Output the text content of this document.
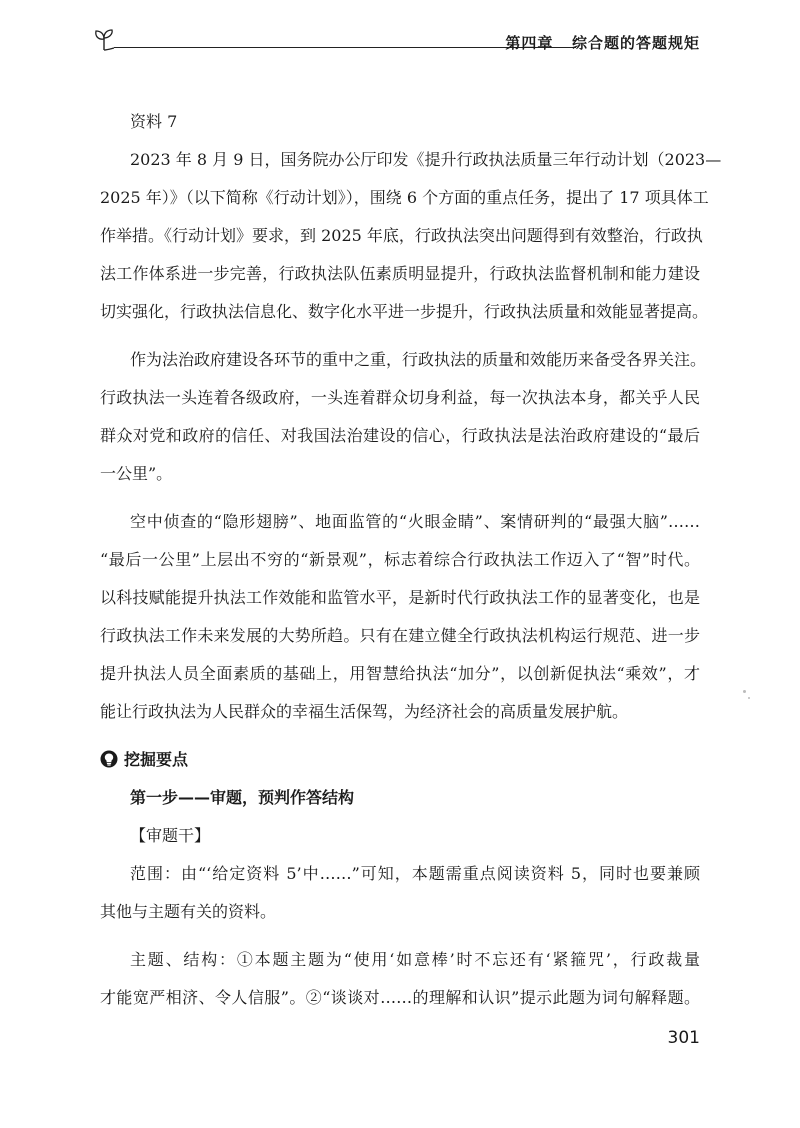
第四章   综合题的答题规矩

资料 7

2023 年 8 月 9 日，国务院办公厅印发《提升行政执法质量三年行动计划（2023—
2025 年）》（以下简称《行动计划》），围绕 6 个方面的重点任务，提出了 17 项具体工
作举措。《行动计划》要求，到 2025 年底，行政执法突出问题得到有效整治，行政执
法工作体系进一步完善，行政执法队伍素质明显提升，行政执法监督机制和能力建设
切实强化，行政执法信息化、数字化水平进一步提升，行政执法质量和效能显著提高。
作为法治政府建设各环节的重中之重，行政执法的质量和效能历来备受各界关注。
行政执法一头连着各级政府，一头连着群众切身利益，每一次执法本身，都关乎人民
群众对党和政府的信任、对我国法治建设的信心，行政执法是法治政府建设的“最后
一公里”。
空中侦查的“隐形翅膀”、地面监管的“火眼金睛”、案情研判的“最强大脑”……
“最后一公里”上层出不穷的“新景观”，标志着综合行政执法工作迈入了“智”时代。
以科技赋能提升执法工作效能和监管水平，是新时代行政执法工作的显著变化，也是
行政执法工作未来发展的大势所趋。只有在建立健全行政执法机构运行规范、进一步
提升执法人员全面素质的基础上，用智慧给执法“加分”，以创新促执法“乘效”，才
能让行政执法为人民群众的幸福生活保驾，为经济社会的高质量发展护航。

挖掘要点

第一步——审题，预判作答结构

【审题干】

范围：由“‘给定资料 5’中……”可知，本题需重点阅读资料 5，同时也要兼顾
其他与主题有关的资料。
主题、结构：①本题主题为“使用‘如意棒’时不忘还有‘紧箍咒’，行政裁量
才能宽严相济、令人信服”。②“谈谈对……的理解和认识”提示此题为词句解释题。
301
